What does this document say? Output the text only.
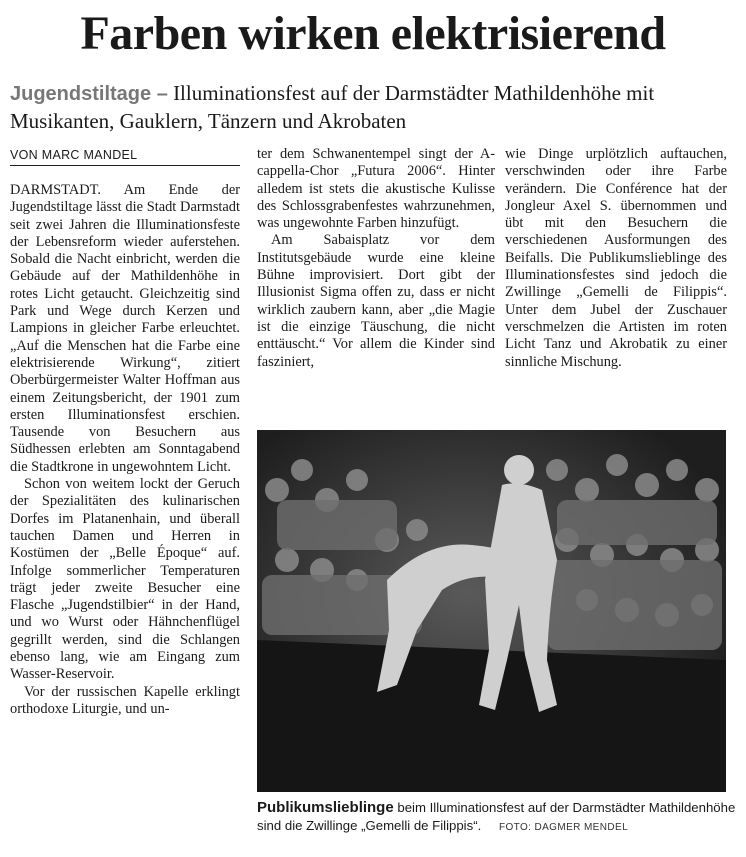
Farben wirken elektrisierend
Jugendstiltage – Illuminationsfest auf der Darmstädter Mathildenhöhe mit Musikanten, Gauklern, Tänzern und Akrobaten
VON MARC MANDEL

DARMSTADT. Am Ende der Jugendstiltage lässt die Stadt Darmstadt seit zwei Jahren die Illuminationsfeste der Lebensreform wieder auferstehen. Sobald die Nacht einbricht, werden die Gebäude auf der Mathildenhöhe in rotes Licht getaucht. Gleichzeitig sind Park und Wege durch Kerzen und Lampions in gleicher Farbe erleuchtet. „Auf die Menschen hat die Farbe eine elektrisierende Wirkung“, zitiert Oberbürgermeister Walter Hoffman aus einem Zeitungsbericht, der 1901 zum ersten Illuminationsfest erschien. Tausende von Besuchern aus Südhessen erlebten am Sonntagabend die Stadtkrone in ungewohntem Licht.

Schon von weitem lockt der Geruch der Spezialitäten des kulinarischen Dorfes im Platanenhain, und überall tauchen Damen und Herren in Kostümen der „Belle Époque“ auf. Infolge sommerlicher Temperaturen trägt jeder zweite Besucher eine Flasche „Jugendstilbier“ in der Hand, und wo Wurst oder Hähnchenflügel gegrillt werden, sind die Schlangen ebenso lang, wie am Eingang zum Wasser-Reservoir.

Vor der russischen Kapelle erklingt orthodoxe Liturgie, und un-

ter dem Schwanentempel singt der A-cappella-Chor „Futura 2006“. Hinter alledem ist stets die akustische Kulisse des Schlossgrabenfestes wahrzunehmen, was ungewohnte Farben hinzufügt.

Am Sabaisplatz vor dem Institutsgebäude wurde eine kleine Bühne improvisiert. Dort gibt der Illusionist Sigma offen zu, dass er nicht wirklich zaubern kann, aber „die Magie ist die einzige Täuschung, die nicht enttäuscht.“ Vor allem die Kinder sind fasziniert,

wie Dinge urplötzlich auftauchen, verschwinden oder ihre Farbe verändern. Die Conférence hat der Jongleur Axel S. übernommen und übt mit den Besuchern die verschiedenen Ausformungen des Beifalls. Die Publikumslieblinge des Illuminationsfestes sind jedoch die Zwillinge „Gemelli de Filippis“. Unter dem Jubel der Zuschauer verschmelzen die Artisten im roten Licht Tanz und Akrobatik zu einer sinnliche Mischung.

Publikumslieblinge beim Illuminationsfest auf der Darmstädter Mathildenhöhe sind die Zwillinge „Gemelli de Filippis“. FOTO: DAGMER MENDEL
